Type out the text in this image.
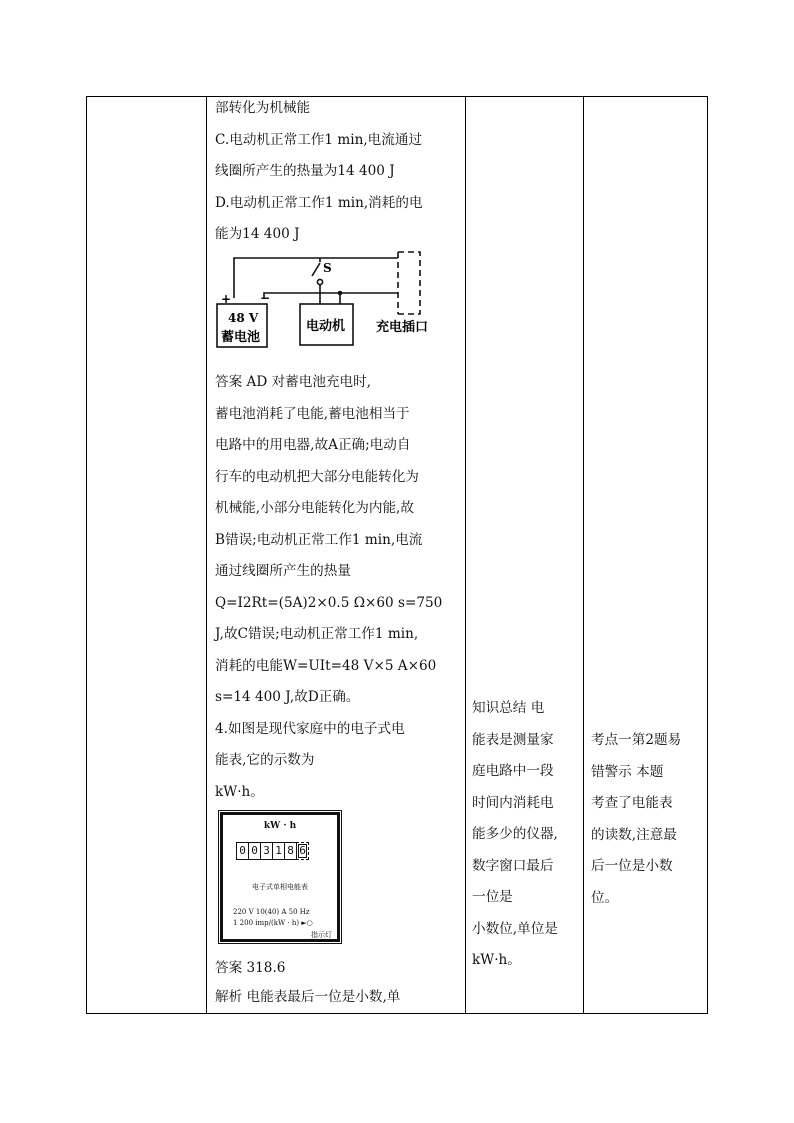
部转化为机械能
C.电动机正常工作1 min,电流通过
线圈所产生的热量为14 400 J
D.电动机正常工作1 min,消耗的电
能为14 400 J
S
+ −
48 V
蓄电池
电动机 充电插口
答案 AD 对蓄电池充电时,
蓄电池消耗了电能,蓄电池相当于
电路中的用电器,故A正确;电动自
行车的电动机把大部分电能转化为
机械能,小部分电能转化为内能,故
B错误;电动机正常工作1 min,电流
通过线圈所产生的热量
Q=I2Rt=(5A)2×0.5 Ω×60 s=750
J,故C错误;电动机正常工作1 min,
消耗的电能W=UIt=48 V×5 A×60
s=14 400 J,故D正确。
4.如图是现代家庭中的电子式电
能表,它的示数为
kW·h。
kW · h
0 0 3 1 8 6
电子式单相电能表
220 V 10(40) A 50 Hz
1 200 imp/(kW · h) ►○
指示灯
答案 318.6
解析 电能表最后一位是小数,单
知识总结 电
能表是测量家
庭电路中一段
时间内消耗电
能多少的仪器,
数字窗口最后
一位是
小数位,单位是
kW·h。
考点一第2题易
错警示 本题
考查了电能表
的读数,注意最
后一位是小数
位。
